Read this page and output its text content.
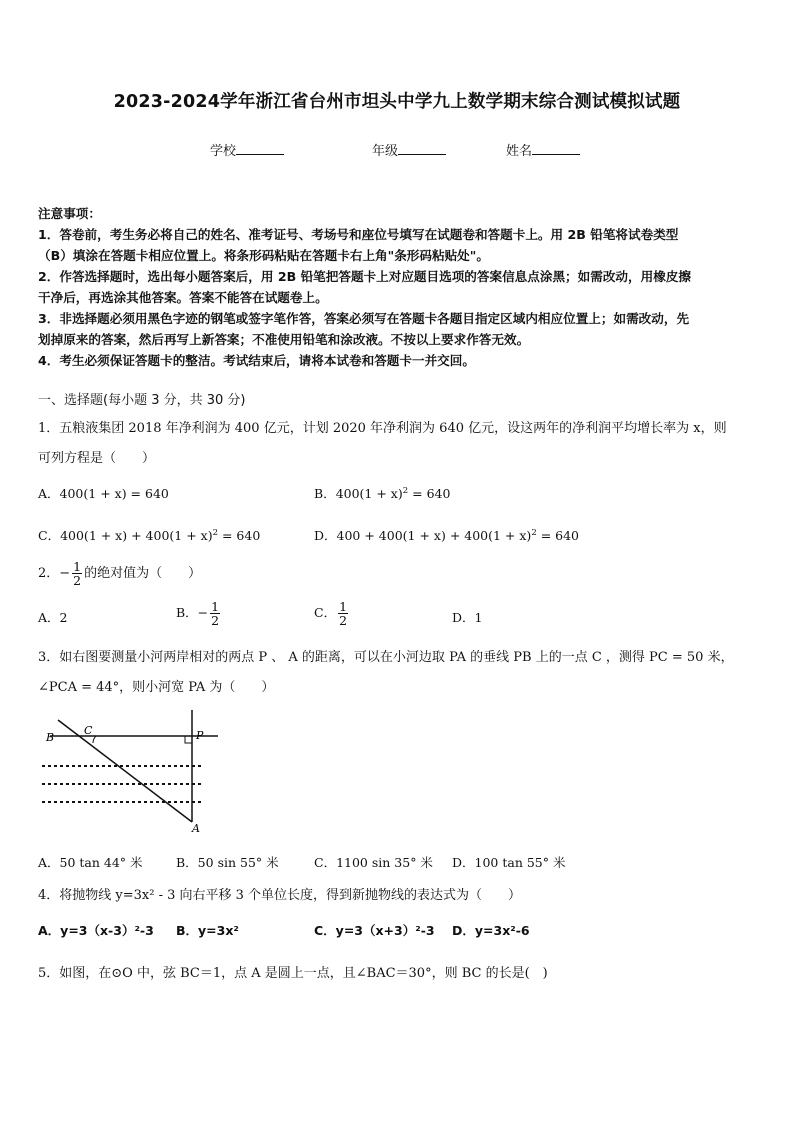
2023-2024学年浙江省台州市坦头中学九上数学期末综合测试模拟试题
学校	年级	姓名
注意事项：
1．答卷前，考生务必将自己的姓名、准考证号、考场号和座位号填写在试题卷和答题卡上。用 2B 铅笔将试卷类型
（B）填涂在答题卡相应位置上。将条形码粘贴在答题卡右上角"条形码粘贴处"。
2．作答选择题时，选出每小题答案后，用 2B 铅笔把答题卡上对应题目选项的答案信息点涂黑；如需改动，用橡皮擦
干净后，再选涂其他答案。答案不能答在试题卷上。
3．非选择题必须用黑色字迹的钢笔或签字笔作答，答案必须写在答题卡各题目指定区域内相应位置上；如需改动，先
划掉原来的答案，然后再写上新答案；不准使用铅笔和涂改液。不按以上要求作答无效。
4．考生必须保证答题卡的整洁。考试结束后，请将本试卷和答题卡一并交回。
一、选择题(每小题 3 分，共 30 分)
1．五粮液集团 2018 年净利润为 400 亿元，计划 2020 年净利润为 640 亿元，设这两年的净利润平均增长率为 x，则
可列方程是（　　）
A．400(1 + x) = 640	B．$400(1 + x)^2 = 640$
C．$400(1 + x) + 400(1 + x)^2 = 640$	D．$400 + 400(1 + x) + 400(1 + x)^2 = 640$
2．− $\frac{1}{2}$ 的绝对值为（　　）
A．2	B．− $\frac{1}{2}$	C． $\frac{1}{2}$	D．1
3．如右图要测量小河两岸相对的两点 P 、 A 的距离，可以在小河边取 PA 的垂线 PB 上的一点 C ，测得 PC = 50 米，
∠PCA = 44°，则小河宽 PA 为（　　）
B
C	P
A
A．50 tan 44° 米	B．50 sin 55° 米	C．1100 sin 35° 米 D．100 tan 55° 米
4．将抛物线 y=3x² - 3 向右平移 3 个单位长度，得到新抛物线的表达式为（　　）
A．y=3（x-3）²-3 B．y=3x²	C．y=3（x+3）²-3 D．y=3x²-6
5．如图，在⊙O 中，弦 BC＝1，点 A 是圆上一点，且∠BAC＝30°，则 BC 的长是(　)
